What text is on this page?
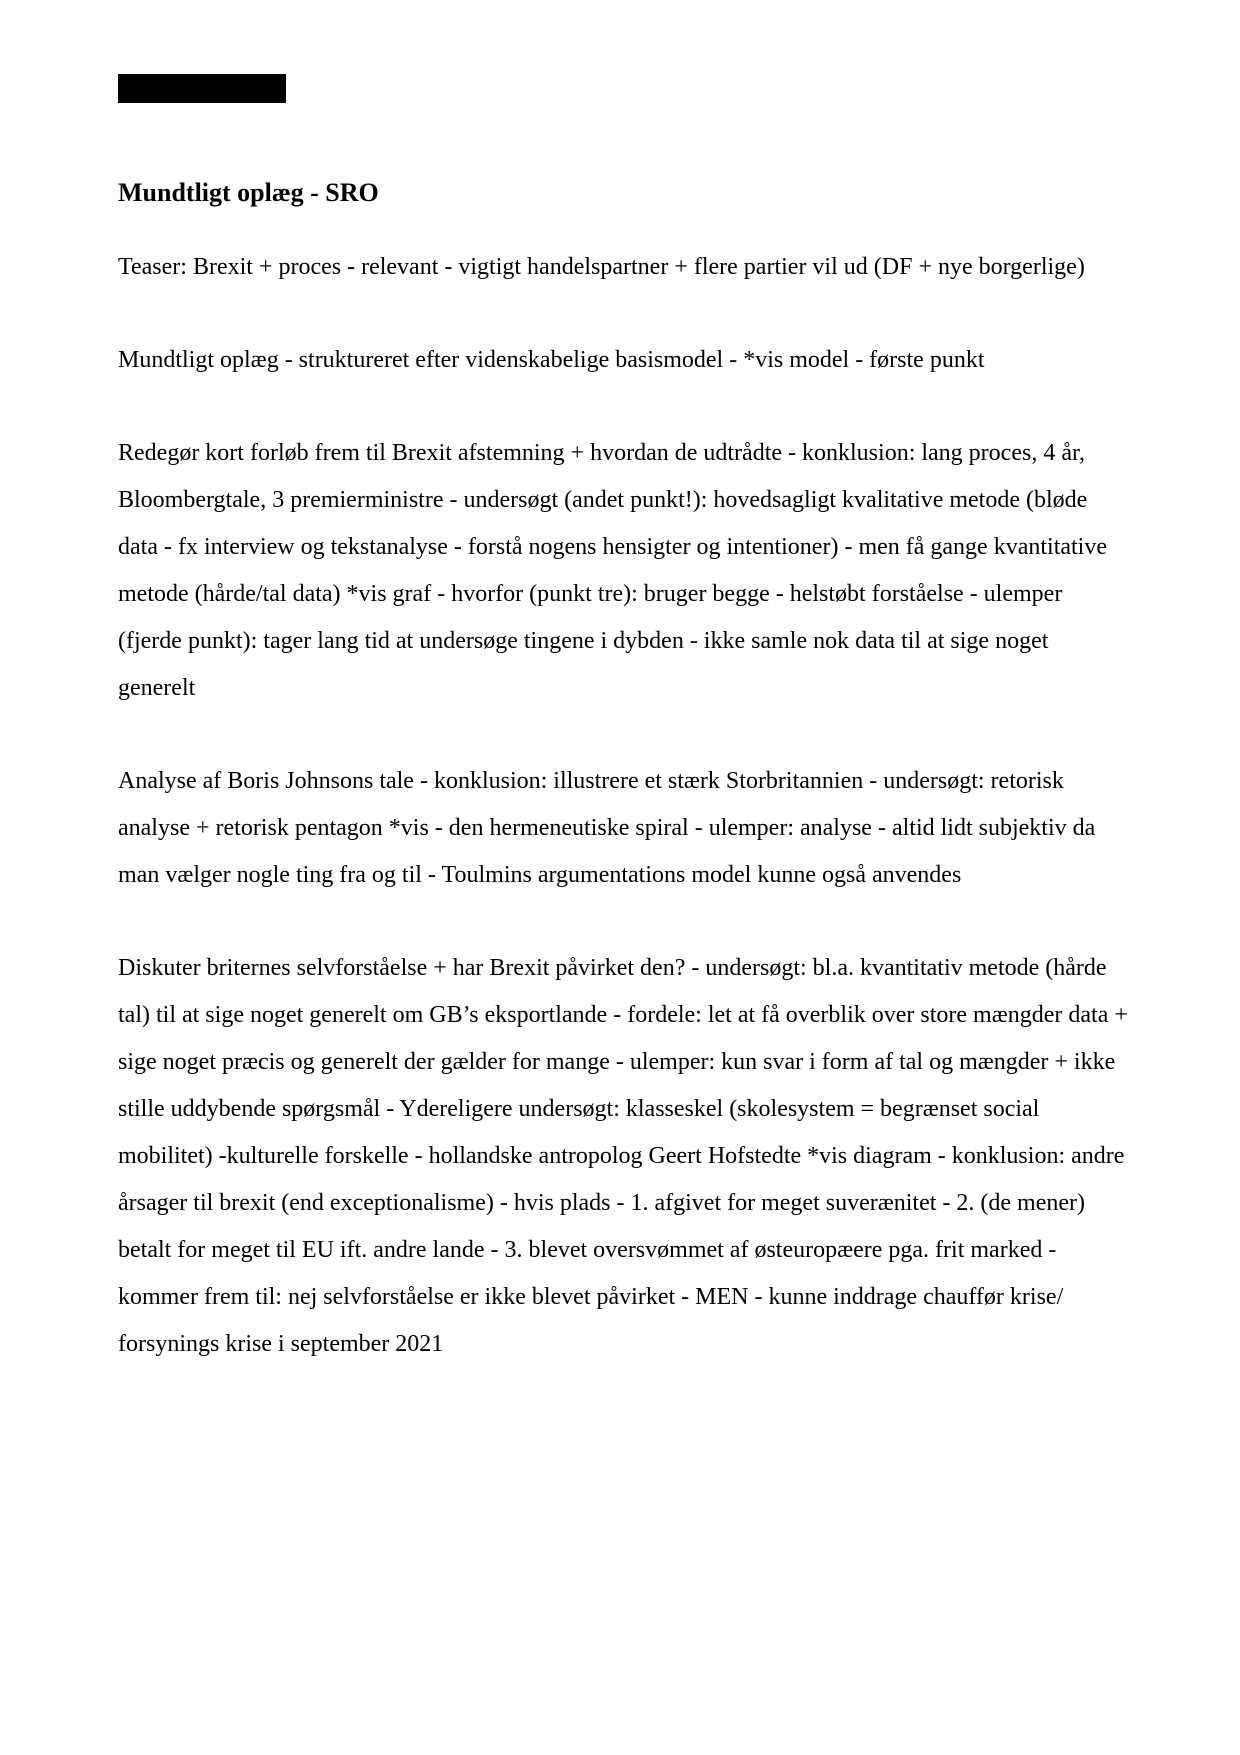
Mundtligt oplæg - SRO

Teaser: Brexit + proces - relevant - vigtigt handelspartner + flere partier vil ud (DF + nye borgerlige)

Mundtligt oplæg - struktureret efter videnskabelige basismodel - *vis model - første punkt

Redegør kort forløb frem til Brexit afstemning + hvordan de udtrådte - konklusion: lang proces, 4 år, Bloombergtale, 3 premierministre - undersøgt (andet punkt!): hovedsagligt kvalitative metode (bløde data - fx interview og tekstanalyse - forstå nogens hensigter og intentioner) - men få gange kvantitative metode (hårde/tal data) *vis graf - hvorfor (punkt tre): bruger begge - helstøbt forståelse - ulemper (fjerde punkt): tager lang tid at undersøge tingene i dybden - ikke samle nok data til at sige noget generelt

Analyse af Boris Johnsons tale - konklusion: illustrere et stærk Storbritannien - undersøgt: retorisk analyse + retorisk pentagon *vis - den hermeneutiske spiral - ulemper: analyse - altid lidt subjektiv da man vælger nogle ting fra og til - Toulmins argumentations model kunne også anvendes

Diskuter briternes selvforståelse + har Brexit påvirket den? - undersøgt: bl.a. kvantitativ metode (hårde tal) til at sige noget generelt om GB’s eksportlande - fordele: let at få overblik over store mængder data + sige noget præcis og generelt der gælder for mange - ulemper: kun svar i form af tal og mængder + ikke stille uddybende spørgsmål - Ydereligere undersøgt: klasseskel (skolesystem = begrænset social mobilitet) -kulturelle forskelle - hollandske antropolog Geert Hofstedte *vis diagram - konklusion: andre årsager til brexit (end exceptionalisme) - hvis plads - 1. afgivet for meget suverænitet - 2. (de mener) betalt for meget til EU ift. andre lande - 3. blevet oversvømmet af østeuropæere pga. frit marked -kommer frem til: nej selvforståelse er ikke blevet påvirket - MEN - kunne inddrage chauffør krise/ forsynings krise i september 2021
